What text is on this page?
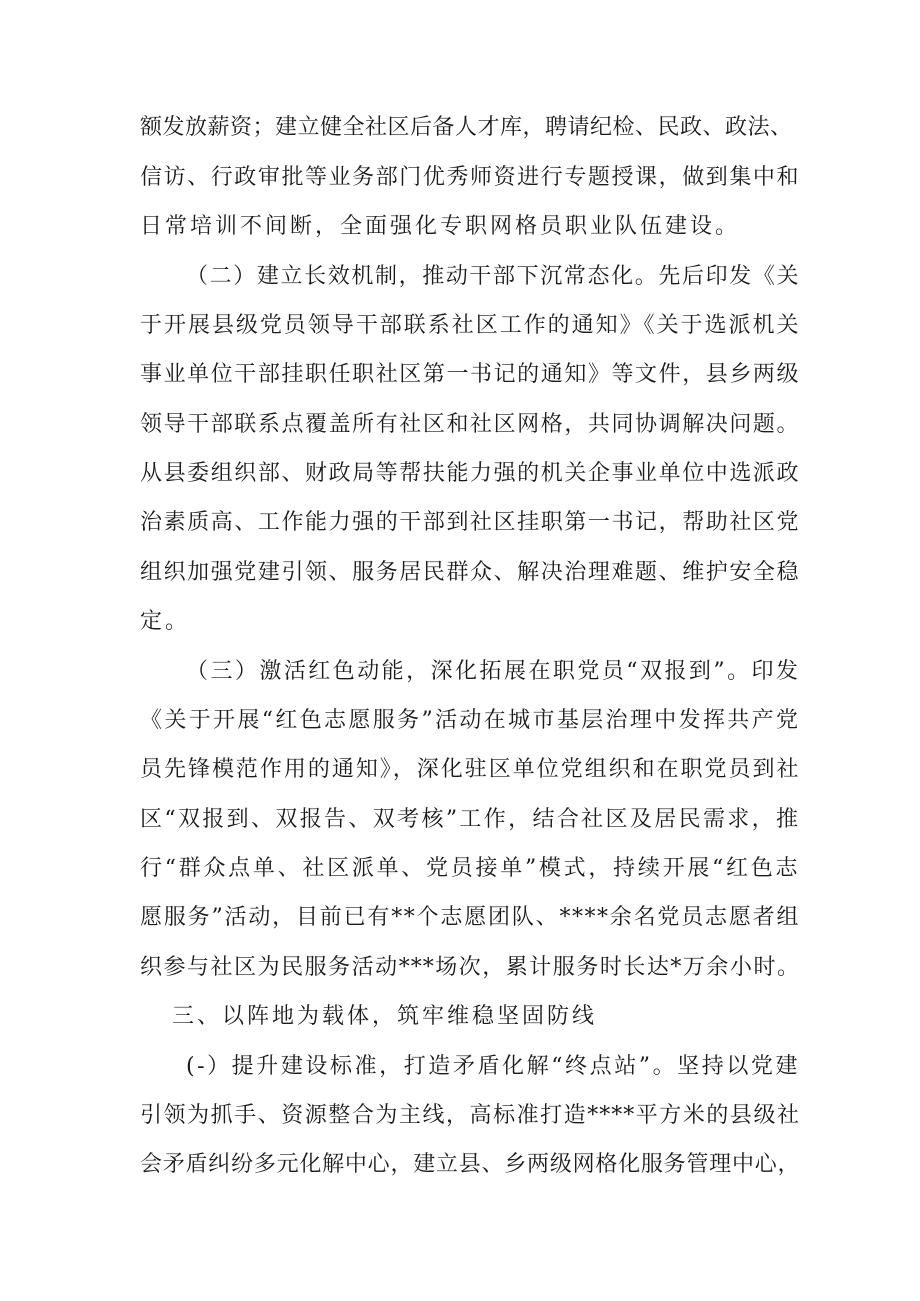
额发放薪资；建立健全社区后备人才库，聘请纪检、民政、政法、
信访、行政审批等业务部门优秀师资进行专题授课，做到集中和
日常培训不间断，全面强化专职网格员职业队伍建设。
（二）建立长效机制，推动干部下沉常态化。先后印发《关
于开展县级党员领导干部联系社区工作的通知》《关于选派机关
事业单位干部挂职任职社区第一书记的通知》等文件，县乡两级
领导干部联系点覆盖所有社区和社区网格，共同协调解决问题。
从县委组织部、财政局等帮扶能力强的机关企事业单位中选派政
治素质高、工作能力强的干部到社区挂职第一书记，帮助社区党
组织加强党建引领、服务居民群众、解决治理难题、维护安全稳
定。
（三）激活红色动能，深化拓展在职党员“双报到”。印发
《关于开展“红色志愿服务”活动在城市基层治理中发挥共产党
员先锋模范作用的通知》，深化驻区单位党组织和在职党员到社
区“双报到、双报告、双考核”工作，结合社区及居民需求，推
行“群众点单、社区派单、党员接单”模式，持续开展“红色志
愿服务”活动，目前已有**个志愿团队、****余名党员志愿者组
织参与社区为民服务活动***场次，累计服务时长达*万余小时。
三、以阵地为载体，筑牢维稳坚固防线
(-）提升建设标准，打造矛盾化解“终点站”。坚持以党建
引领为抓手、资源整合为主线，高标准打造****平方米的县级社
会矛盾纠纷多元化解中心，建立县、乡两级网格化服务管理中心，
